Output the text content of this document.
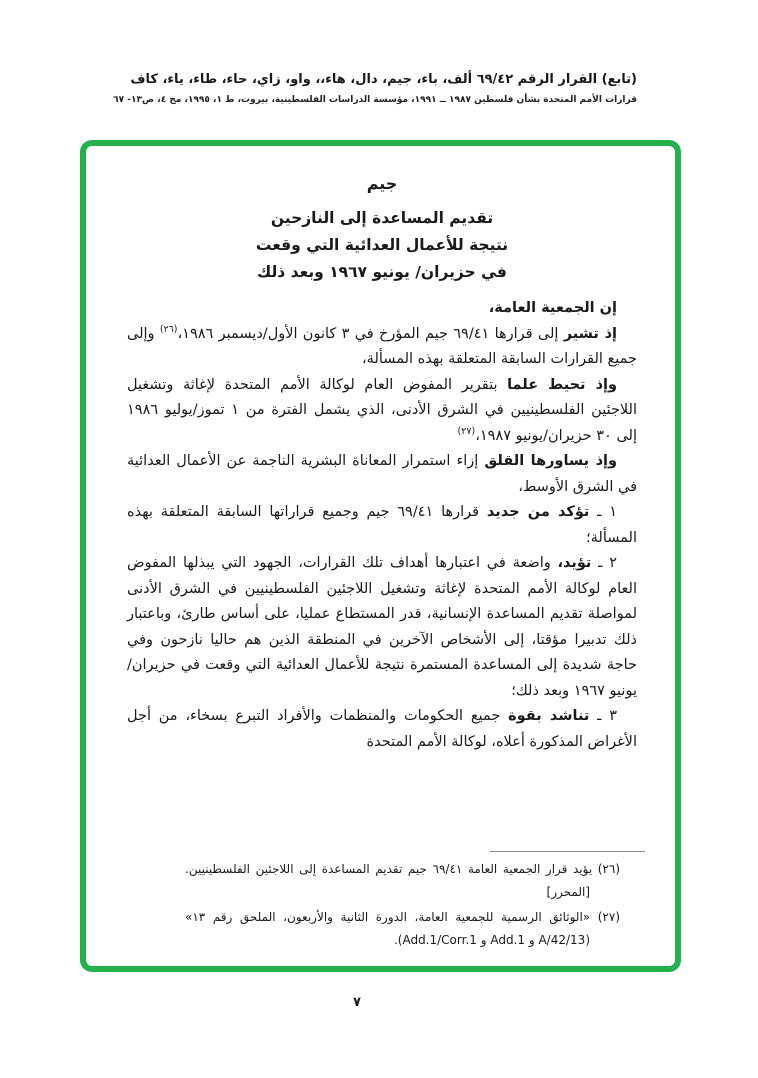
(تابع) القرار الرقم ٦٩/٤٢ ألف، باء، جيم، دال، هاء،، واو، زاي، حاء، طاء، ياء، كاف
قرارات الأمم المتحدة بشأن فلسطين ١٩٨٧ ــ ١٩٩١، مؤسسة الدراسات الفلسطينية، بيروت، ط ١، ١٩٩٥، مج ٤، ص١٣- ٦٧
جيم
تقديم المساعدة إلى النازحين
نتيجة للأعمال العدائية التي وقعت
في حزيران/ يونيو ١٩٦٧ وبعد ذلك

إن الجمعية العامة،

إذ تشير إلى قرارها ٦٩/٤١ جيم المؤرخ في ٣ كانون الأول/ديسمبر ١٩٨٦،$^{(٢٦)}$ وإلى جميع القرارات السابقة المتعلقة بهذه المسألة،

وإذ تحيط علما بتقرير المفوض العام لوكالة الأمم المتحدة لإغاثة وتشغيل اللاجئين الفلسطينيين في الشرق الأدنى، الذي يشمل الفترة من ١ تموز/يوليو ١٩٨٦ إلى ٣٠ حزيران/يونيو ١٩٨٧،$^{(٢٧)}$

وإذ يساورها القلق إزاء استمرار المعاناة البشرية الناجمة عن الأعمال العدائية في الشرق الأوسط،

١ ـ تؤكد من جديد قرارها ٦٩/٤١ جيم وجميع قراراتها السابقة المتعلقة بهذه المسألة؛

٢ ـ تؤيد، واضعة في اعتبارها أهداف تلك القرارات، الجهود التي يبذلها المفوض العام لوكالة الأمم المتحدة لإغاثة وتشغيل اللاجئين الفلسطينيين في الشرق الأدنى لمواصلة تقديم المساعدة الإنسانية، قدر المستطاع عمليا، على أساس طارئ، وباعتبار ذلك تدبيرا مؤقتا، إلى الأشخاص الآخرين في المنطقة الذين هم حاليا نازحون وفي حاجة شديدة إلى المساعدة المستمرة نتيجة للأعمال العدائية التي وقعت في حزيران/يونيو ١٩٦٧ وبعد ذلك؛

٣ ـ تناشد بقوة جميع الحكومات والمنظمات والأفراد التبرع بسخاء، من أجل الأغراض المذكورة أعلاه، لوكالة الأمم المتحدة

(٢٦) يؤيد قرار الجمعية العامة ٦٩/٤١ جيم تقديم المساعدة إلى اللاجئين الفلسطينيين. [المحرر]

(٢٧) «الوثائق الرسمية للجمعية العامة، الدورة الثانية والأربعون، الملحق رقم ١٣» (A/42/13 و Add.1 و Add.1/Corr.1).

٧
